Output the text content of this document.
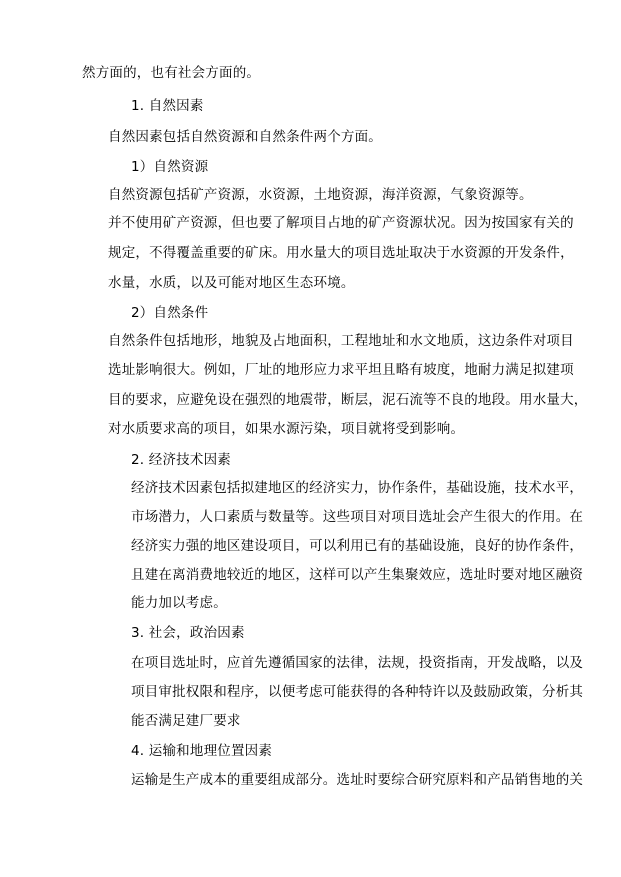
然方面的，也有社会方面的。
1. 自然因素
自然因素包括自然资源和自然条件两个方面。
1）自然资源
自然资源包括矿产资源，水资源，土地资源，海洋资源，气象资源等。
并不使用矿产资源，但也要了解项目占地的矿产资源状况。因为按国家有关的
规定，不得覆盖重要的矿床。用水量大的项目选址取决于水资源的开发条件，
水量，水质，以及可能对地区生态环境。
2）自然条件
自然条件包括地形，地貌及占地面积，工程地址和水文地质，这边条件对项目
选址影响很大。例如，厂址的地形应力求平坦且略有坡度，地耐力满足拟建项
目的要求，应避免设在强烈的地震带，断层，泥石流等不良的地段。用水量大，
对水质要求高的项目，如果水源污染，项目就将受到影响。
2. 经济技术因素
经济技术因素包括拟建地区的经济实力，协作条件，基础设施，技术水平，
市场潜力，人口素质与数量等。这些项目对项目选址会产生很大的作用。在
经济实力强的地区建设项目，可以利用已有的基础设施，良好的协作条件，
且建在离消费地较近的地区，这样可以产生集聚效应，选址时要对地区融资
能力加以考虑。
3. 社会，政治因素
在项目选址时，应首先遵循国家的法律，法规，投资指南，开发战略，以及
项目审批权限和程序，以便考虑可能获得的各种特许以及鼓励政策，分析其
能否满足建厂要求
4. 运输和地理位置因素
运输是生产成本的重要组成部分。选址时要综合研究原料和产品销售地的关
